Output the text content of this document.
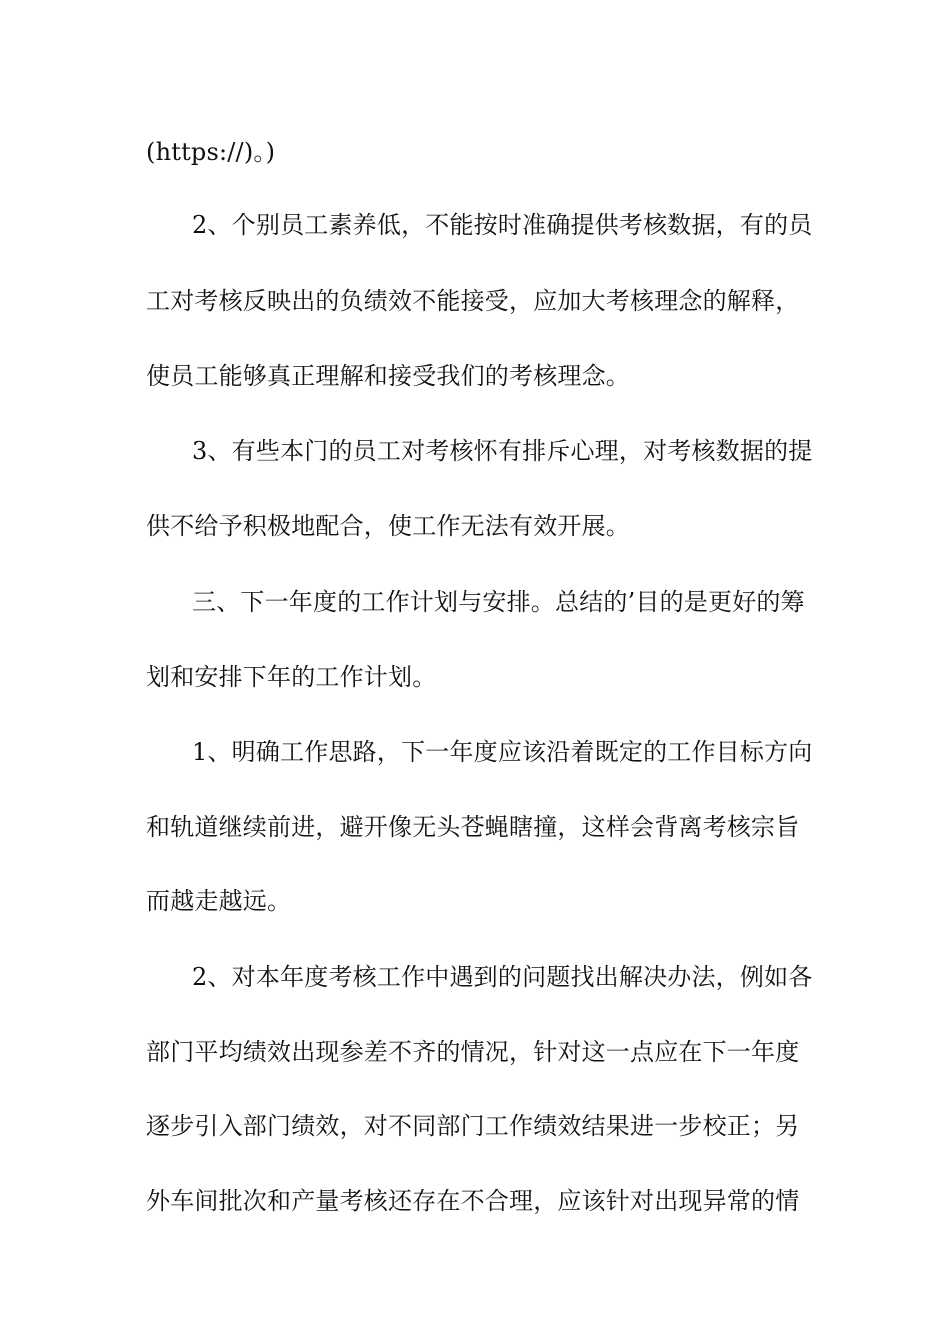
(https://)。)
2、个别员工素养低，不能按时准确提供考核数据，有的员
工对考核反映出的负绩效不能接受，应加大考核理念的解释，
使员工能够真正理解和接受我们的考核理念。
3、有些本门的员工对考核怀有排斥心理，对考核数据的提
供不给予积极地配合，使工作无法有效开展。
三、下一年度的工作计划与安排。总结的’目的是更好的筹
划和安排下年的工作计划。
1、明确工作思路，下一年度应该沿着既定的工作目标方向
和轨道继续前进，避开像无头苍蝇瞎撞，这样会背离考核宗旨
而越走越远。
2、对本年度考核工作中遇到的问题找出解决办法，例如各
部门平均绩效出现参差不齐的情况，针对这一点应在下一年度
逐步引入部门绩效，对不同部门工作绩效结果进一步校正；另
外车间批次和产量考核还存在不合理，应该针对出现异常的情
